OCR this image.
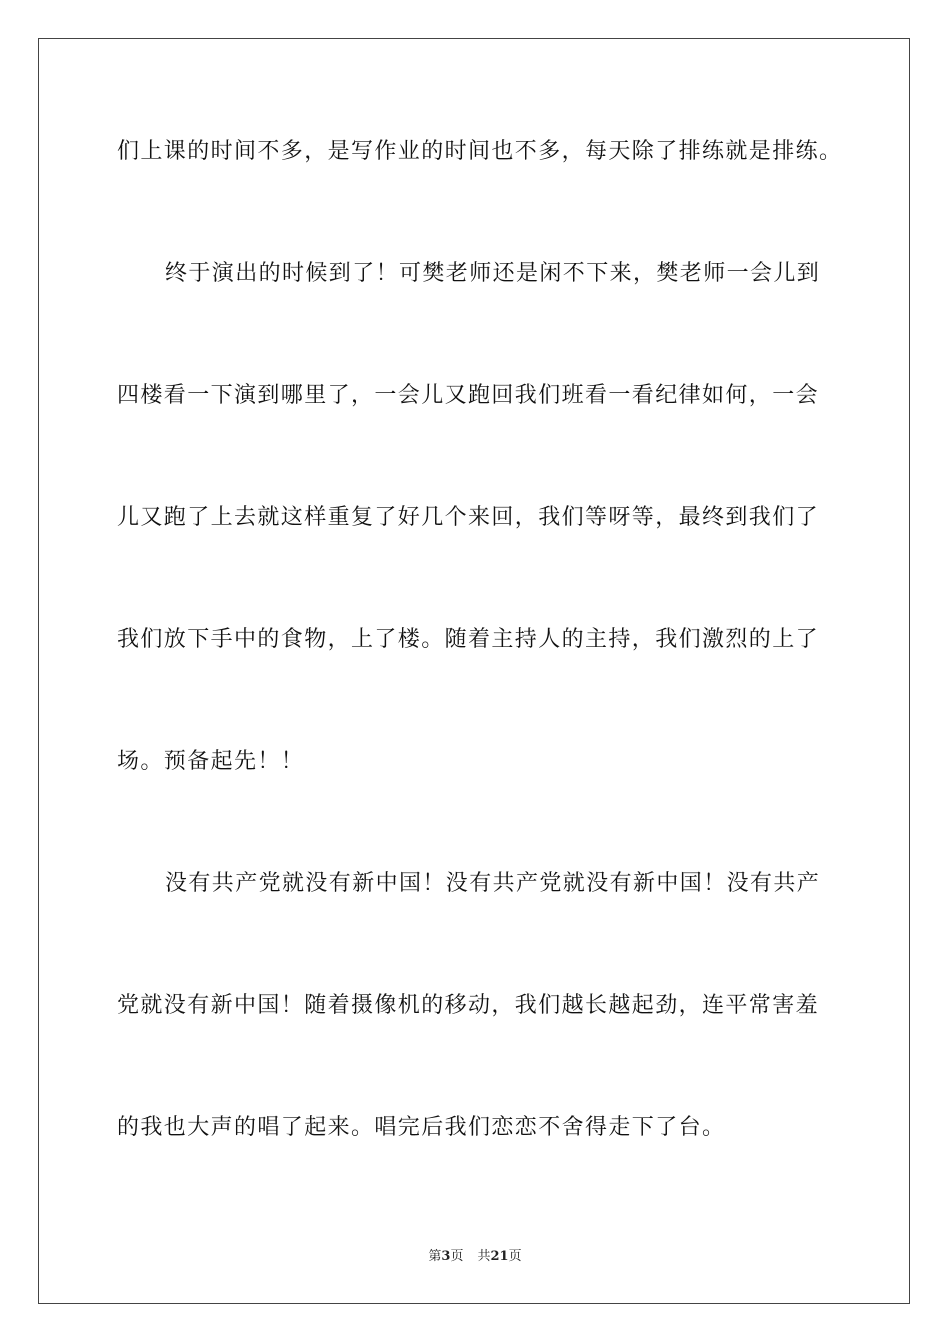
们上课的时间不多，是写作业的时间也不多，每天除了排练就是排练。
终于演出的时候到了！可樊老师还是闲不下来，樊老师一会儿到
四楼看一下演到哪里了，一会儿又跑回我们班看一看纪律如何，一会
儿又跑了上去就这样重复了好几个来回，我们等呀等，最终到我们了
我们放下手中的食物，上了楼。随着主持人的主持，我们激烈的上了
场。预备起先！！
没有共产党就没有新中国！没有共产党就没有新中国！没有共产
党就没有新中国！随着摄像机的移动，我们越长越起劲，连平常害羞
的我也大声的唱了起来。唱完后我们恋恋不舍得走下了台。
第3页 共21页
